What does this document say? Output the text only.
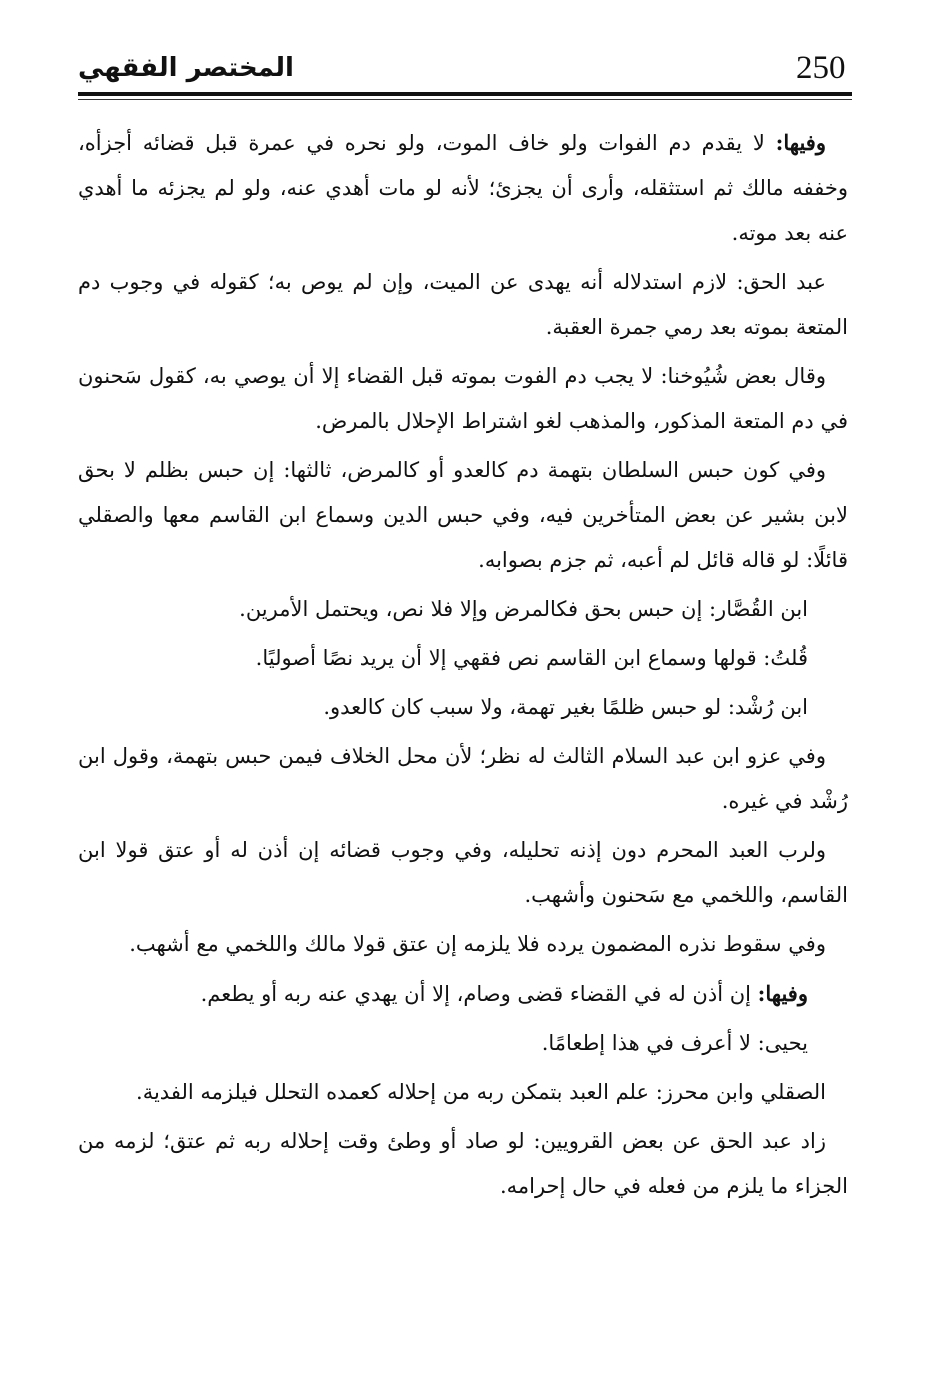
250
المختصر الفقهي

وفيها: لا يقدم دم الفوات ولو خاف الموت، ولو نحره في عمرة قبل قضائه أجزأه، وخففه مالك ثم استثقله، وأرى أن يجزئ؛ لأنه لو مات أهدي عنه، ولو لم يجزئه ما أهدي عنه بعد موته.

عبد الحق: لازم استدلاله أنه يهدى عن الميت، وإن لم يوص به؛ كقوله في وجوب دم المتعة بموته بعد رمي جمرة العقبة.

وقال بعض شُيُوخنا: لا يجب دم الفوت بموته قبل القضاء إلا أن يوصي به، كقول سَحنون في دم المتعة المذكور، والمذهب لغو اشتراط الإحلال بالمرض.

وفي كون حبس السلطان بتهمة دم كالعدو أو كالمرض، ثالثها: إن حبس بظلم لا بحق لابن بشير عن بعض المتأخرين فيه، وفي حبس الدين وسماع ابن القاسم معها والصقلي قائلًا: لو قاله قائل لم أعبه، ثم جزم بصوابه.

ابن القُصَّار: إن حبس بحق فكالمرض وإلا فلا نص، ويحتمل الأمرين.

قُلتُ: قولها وسماع ابن القاسم نص فقهي إلا أن يريد نصًا أصوليًا.

ابن رُشْد: لو حبس ظلمًا بغير تهمة، ولا سبب كان كالعدو.

وفي عزو ابن عبد السلام الثالث له نظر؛ لأن محل الخلاف فيمن حبس بتهمة، وقول ابن رُشْد في غيره.

ولرب العبد المحرم دون إذنه تحليله، وفي وجوب قضائه إن أذن له أو عتق قولا ابن القاسم، واللخمي مع سَحنون وأشهب.

وفي سقوط نذره المضمون يرده فلا يلزمه إن عتق قولا مالك واللخمي مع أشهب.

وفيها: إن أذن له في القضاء قضى وصام، إلا أن يهدي عنه ربه أو يطعم.

يحيى: لا أعرف في هذا إطعامًا.

الصقلي وابن محرز: علم العبد بتمكن ربه من إحلاله كعمده التحلل فيلزمه الفدية.

زاد عبد الحق عن بعض القرويين: لو صاد أو وطئ وقت إحلاله ربه ثم عتق؛ لزمه من الجزاء ما يلزم من فعله في حال إحرامه.
